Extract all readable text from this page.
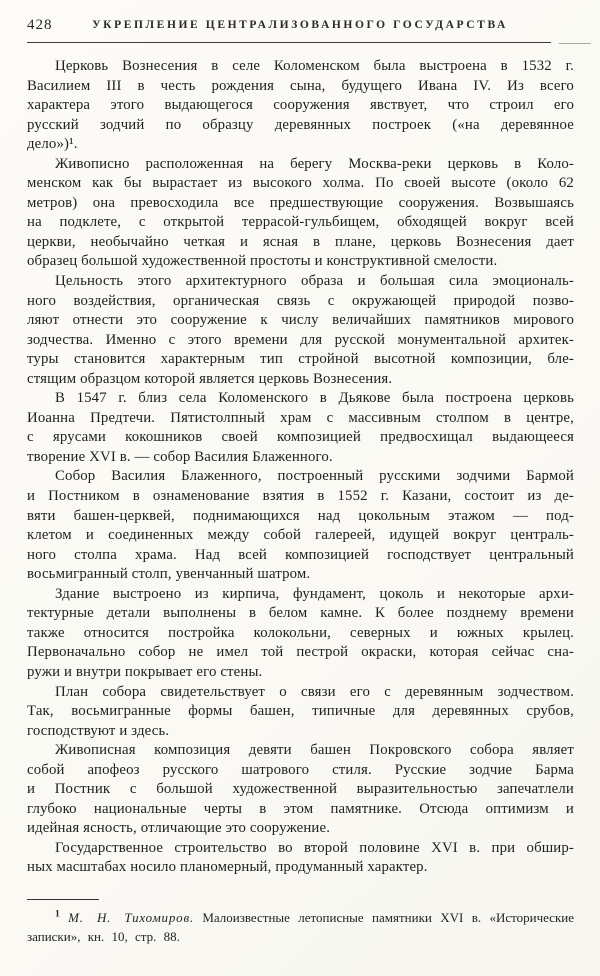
428	УКРЕПЛЕНИЕ ЦЕНТРАЛИЗОВАННОГО ГОСУДАРСТВА
Церковь Вознесения в селе Коломенском была выстроена в 1532 г.
Василием III в честь рождения сына, будущего Ивана IV. Из всего
характера этого выдающегося сооружения явствует, что строил его
русский зодчий по образцу деревянных построек («на деревянное
дело»)¹.
Живописно расположенная на берегу Москва-реки церковь в Коло-
менском как бы вырастает из высокого холма. По своей высоте (около 62
метров) она превосходила все предшествующие сооружения. Возвышаясь
на подклете, с открытой террасой-гульбищем, обходящей вокруг всей
церкви, необычайно четкая и ясная в плане, церковь Вознесения дает
образец большой художественной простоты и конструктивной смелости.
Цельность этого архитектурного образа и большая сила эмоциональ-
ного воздействия, органическая связь с окружающей природой позво-
ляют отнести это сооружение к числу величайших памятников мирового
зодчества. Именно с этого времени для русской монументальной архитек-
туры становится характерным тип стройной высотной композиции, бле-
стящим образцом которой является церковь Вознесения.
В 1547 г. близ села Коломенского в Дьякове была построена церковь
Иоанна Предтечи. Пятистолпный храм с массивным столпом в центре,
с ярусами кокошников своей композицией предвосхищал выдающееся
творение XVI в. — собор Василия Блаженного.
Собор Василия Блаженного, построенный русскими зодчими Бармой
и Постником в ознаменование взятия в 1552 г. Казани, состоит из де-
вяти башен-церквей, поднимающихся над цокольным этажом — под-
клетом и соединенных между собой галереей, идущей вокруг централь-
ного столпа храма. Над всей композицией господствует центральный
восьмигранный столп, увенчанный шатром.
Здание выстроено из кирпича, фундамент, цоколь и некоторые архи-
тектурные детали выполнены в белом камне. К более позднему времени
также относится постройка колокольни, северных и южных крылец.
Первоначально собор не имел той пестрой окраски, которая сейчас сна-
ружи и внутри покрывает его стены.
План собора свидетельствует о связи его с деревянным зодчеством.
Так, восьмигранные формы башен, типичные для деревянных срубов,
господствуют и здесь.
Живописная композиция девяти башен Покровского собора являет
собой апофеоз русского шатрового стиля. Русские зодчие Барма
и Постник с большой художественной выразительностью запечатлели
глубоко национальные черты в этом памятнике. Отсюда оптимизм и
идейная ясность, отличающие это сооружение.
Государственное строительство во второй половине XVI в. при обшир-
ных масштабах носило планомерный, продуманный характер.
$^1$ М. Н. Тихомиров. Малоизвестные летописные памятники XVI в. «Исторические
записки», кн. 10, стр. 88.
